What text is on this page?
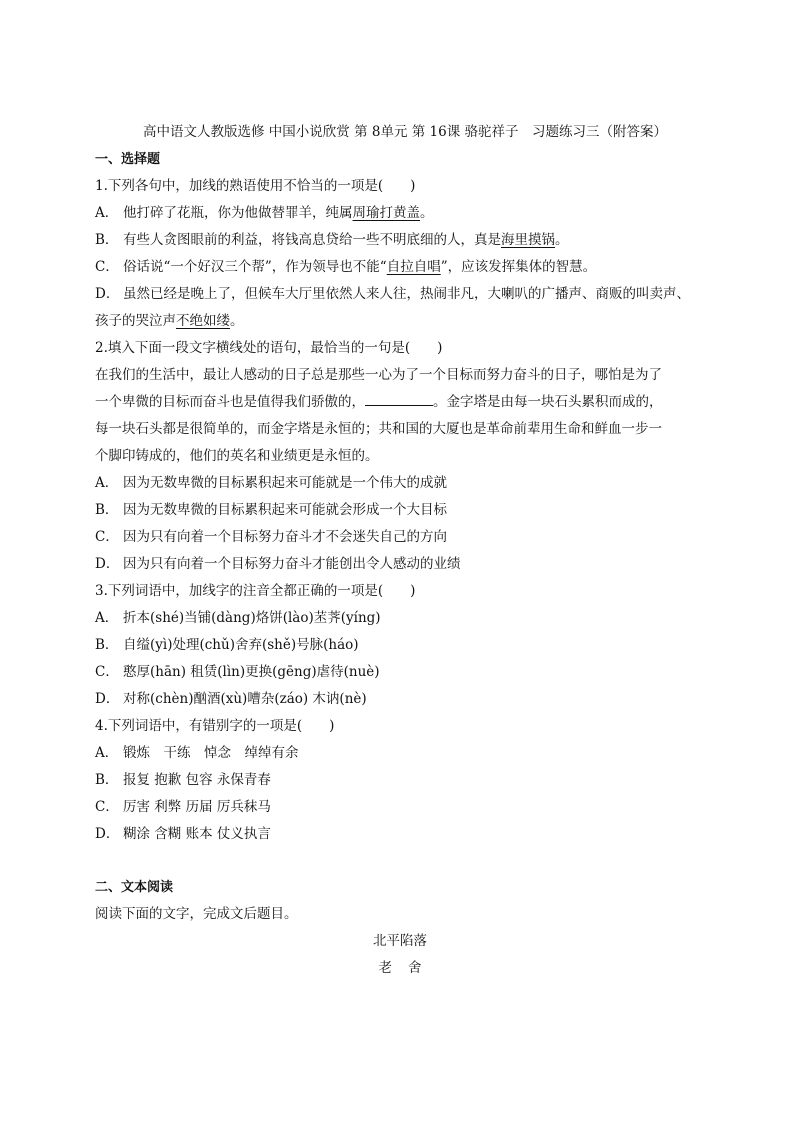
高中语文人教版选修 中国小说欣赏 第 8单元 第 16课 骆驼祥子　习题练习三（附答案）
一、选择题
1.下列各句中，加线的熟语使用不恰当的一项是(　　)
A． 他打碎了花瓶，你为他做替罪羊，纯属周瑜打黄盖。
B． 有些人贪图眼前的利益，将钱高息贷给一些不明底细的人，真是海里摸锅。
C． 俗话说“一个好汉三个帮”，作为领导也不能“自拉自唱”，应该发挥集体的智慧。
D． 虽然已经是晚上了，但候车大厅里依然人来人往，热闹非凡，大喇叭的广播声、商贩的叫卖声、
孩子的哭泣声不绝如缕。
2.填入下面一段文字横线处的语句，最恰当的一句是(　　)
在我们的生活中，最让人感动的日子总是那些一心为了一个目标而努力奋斗的日子，哪怕是为了
一个卑微的目标而奋斗也是值得我们骄傲的，	。金字塔是由每一块石头累积而成的，
每一块石头都是很简单的，而金字塔是永恒的；共和国的大厦也是革命前辈用生命和鲜血一步一
个脚印铸成的，他们的英名和业绩更是永恒的。
A． 因为无数卑微的目标累积起来可能就是一个伟大的成就
B． 因为无数卑微的目标累积起来可能就会形成一个大目标
C． 因为只有向着一个目标努力奋斗才不会迷失自己的方向
D． 因为只有向着一个目标努力奋斗才能创出令人感动的业绩
3.下列词语中，加线字的注音全都正确的一项是(　　)
A． 折本(shé)当铺(dàng)烙饼(lào)苤荠(yíng)
B． 自缢(yì)处理(chǔ)舍弃(shě)号脉(háo)
C． 憨厚(hān) 租赁(lìn)更换(gēng)虐待(nuè)
D． 对称(chèn)酗酒(xù)嘈杂(záo) 木讷(nè)
4.下列词语中，有错别字的一项是(　　)
A． 锻炼　干练　悼念　绰绰有余
B． 报复 抱歉 包容 永保青春
C． 厉害 利弊 历届 厉兵秣马
D． 糊涂 含糊 账本 仗义执言
二、文本阅读
阅读下面的文字，完成文后题目。
北平陷落
老舍
